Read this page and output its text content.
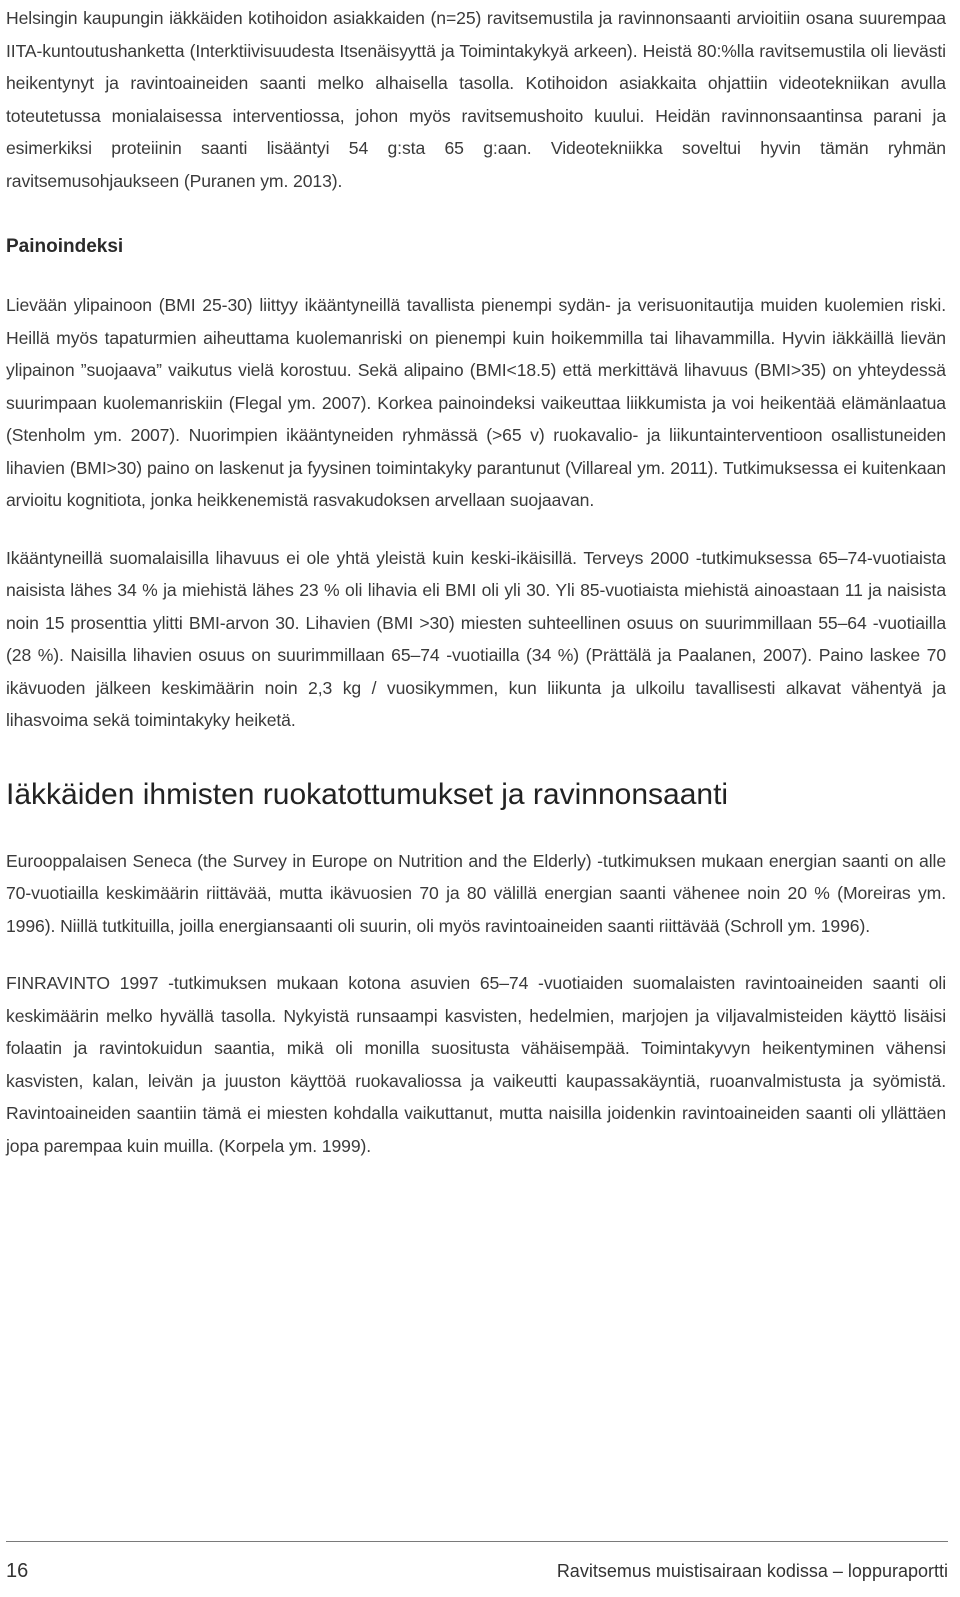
Helsingin kaupungin iäkkäiden kotihoidon asiakkaiden (n=25) ravitsemustila ja ravinnonsaanti arvioitiin osana suurempaa IITA-kuntoutushanketta (Interktiivisuudesta Itsenäisyyttä ja Toimintakykyä arkeen). Heistä 80:%lla ravitsemustila oli lievästi heikentynyt ja ravintoaineiden saanti melko alhaisella tasolla. Kotihoidon asiakkaita ohjattiin videotekniikan avulla toteutetussa monialaisessa interventiossa, johon myös ravitsemushoito kuului. Heidän ravinnonsaantinsa parani ja esimerkiksi proteiinin saanti lisääntyi 54 g:sta 65 g:aan. Videotekniikka soveltui hyvin tämän ryhmän ravitsemusohjaukseen (Puranen ym. 2013).

Painoindeksi

Lievään ylipainoon (BMI 25-30) liittyy ikääntyneillä tavallista pienempi sydän- ja verisuonitautija muiden kuolemien riski. Heillä myös tapaturmien aiheuttama kuolemanriski on pienempi kuin hoikemmilla tai lihavammilla. Hyvin iäkkäillä lievän ylipainon ”suojaava” vaikutus vielä korostuu. Sekä alipaino (BMI<18.5) että merkittävä lihavuus (BMI>35) on yhteydessä suurimpaan kuolemanriskiin (Flegal ym. 2007). Korkea painoindeksi vaikeuttaa liikkumista ja voi heikentää elämänlaatua (Stenholm ym. 2007). Nuorimpien ikääntyneiden ryhmässä (>65 v) ruokavalio- ja liikuntainterventioon osallistuneiden lihavien (BMI>30) paino on laskenut ja fyysinen toimintakyky parantunut (Villareal ym. 2011). Tutkimuksessa ei kuitenkaan arvioitu kognitiota, jonka heikkenemistä rasvakudoksen arvellaan suojaavan.

Ikääntyneillä suomalaisilla lihavuus ei ole yhtä yleistä kuin keski-ikäisillä. Terveys 2000 -tutkimuksessa 65–74-vuotiaista naisista lähes 34 % ja miehistä lähes 23 % oli lihavia eli BMI oli yli 30. Yli 85-vuotiaista miehistä ainoastaan 11 ja naisista noin 15 prosenttia ylitti BMI-arvon 30. Lihavien (BMI >30) miesten suhteellinen osuus on suurimmillaan 55–64 -vuotiailla (28 %). Naisilla lihavien osuus on suurimmillaan 65–74 -vuotiailla (34 %) (Prättälä ja Paalanen, 2007). Paino laskee 70 ikävuoden jälkeen keskimäärin noin 2,3 kg / vuosikymmen, kun liikunta ja ulkoilu tavallisesti alkavat vähentyä ja lihasvoima sekä toimintakyky heiketä.

Iäkkäiden ihmisten ruokatottumukset ja ravinnonsaanti

Eurooppalaisen Seneca (the Survey in Europe on Nutrition and the Elderly) -tutkimuksen mukaan energian saanti on alle 70-vuotiailla keskimäärin riittävää, mutta ikävuosien 70 ja 80 välillä energian saanti vähenee noin 20 % (Moreiras ym. 1996). Niillä tutkituilla, joilla energiansaanti oli suurin, oli myös ravintoaineiden saanti riittävää (Schroll ym. 1996).

FINRAVINTO 1997 -tutkimuksen mukaan kotona asuvien 65–74 -vuotiaiden suomalaisten ravintoaineiden saanti oli keskimäärin melko hyvällä tasolla. Nykyistä runsaampi kasvisten, hedelmien, marjojen ja viljavalmisteiden käyttö lisäisi folaatin ja ravintokuidun saantia, mikä oli monilla suositusta vähäisempää. Toimintakyvyn heikentyminen vähensi kasvisten, kalan, leivän ja juuston käyttöä ruokavaliossa ja vaikeutti kaupassakäyntiä, ruoanvalmistusta ja syömistä. Ravintoaineiden saantiin tämä ei miesten kohdalla vaikuttanut, mutta naisilla joidenkin ravintoaineiden saanti oli yllättäen jopa parempaa kuin muilla. (Korpela ym. 1999).

16	Ravitsemus muistisairaan kodissa – loppuraportti
